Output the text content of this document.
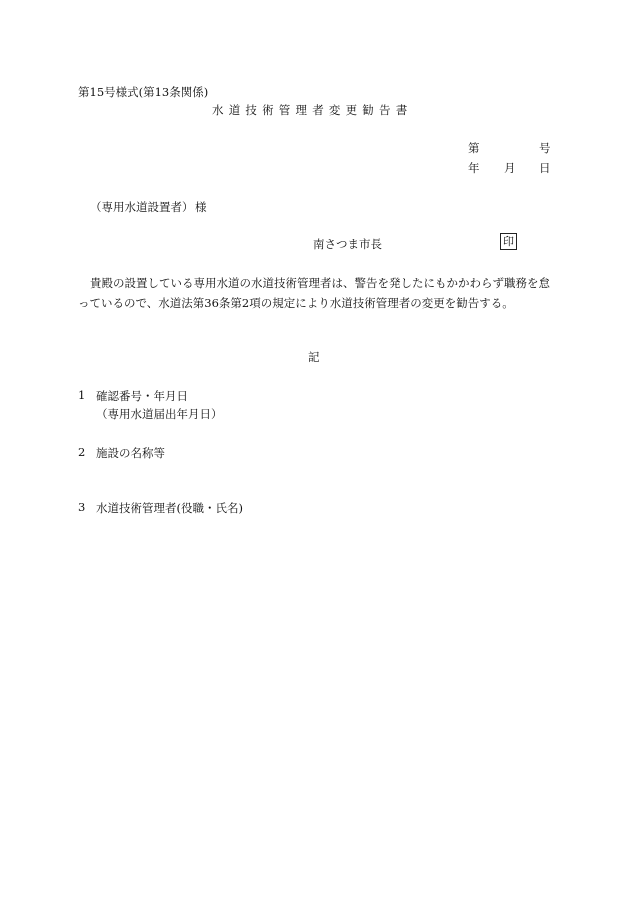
第15号様式(第13条関係)
水道技術管理者変更勧告書
第	号
年 月 日
（専用水道設置者） 様
南さつま市長	印
貴殿の設置している専用水道の水道技術管理者は、警告を発したにもかかわらず職務を怠っているので、水道法第36条第2項の規定により水道技術管理者の変更を勧告する。
記
1 確認番号・年月日
（専用水道届出年月日）
2 施設の名称等
3 水道技術管理者(役職・氏名)
